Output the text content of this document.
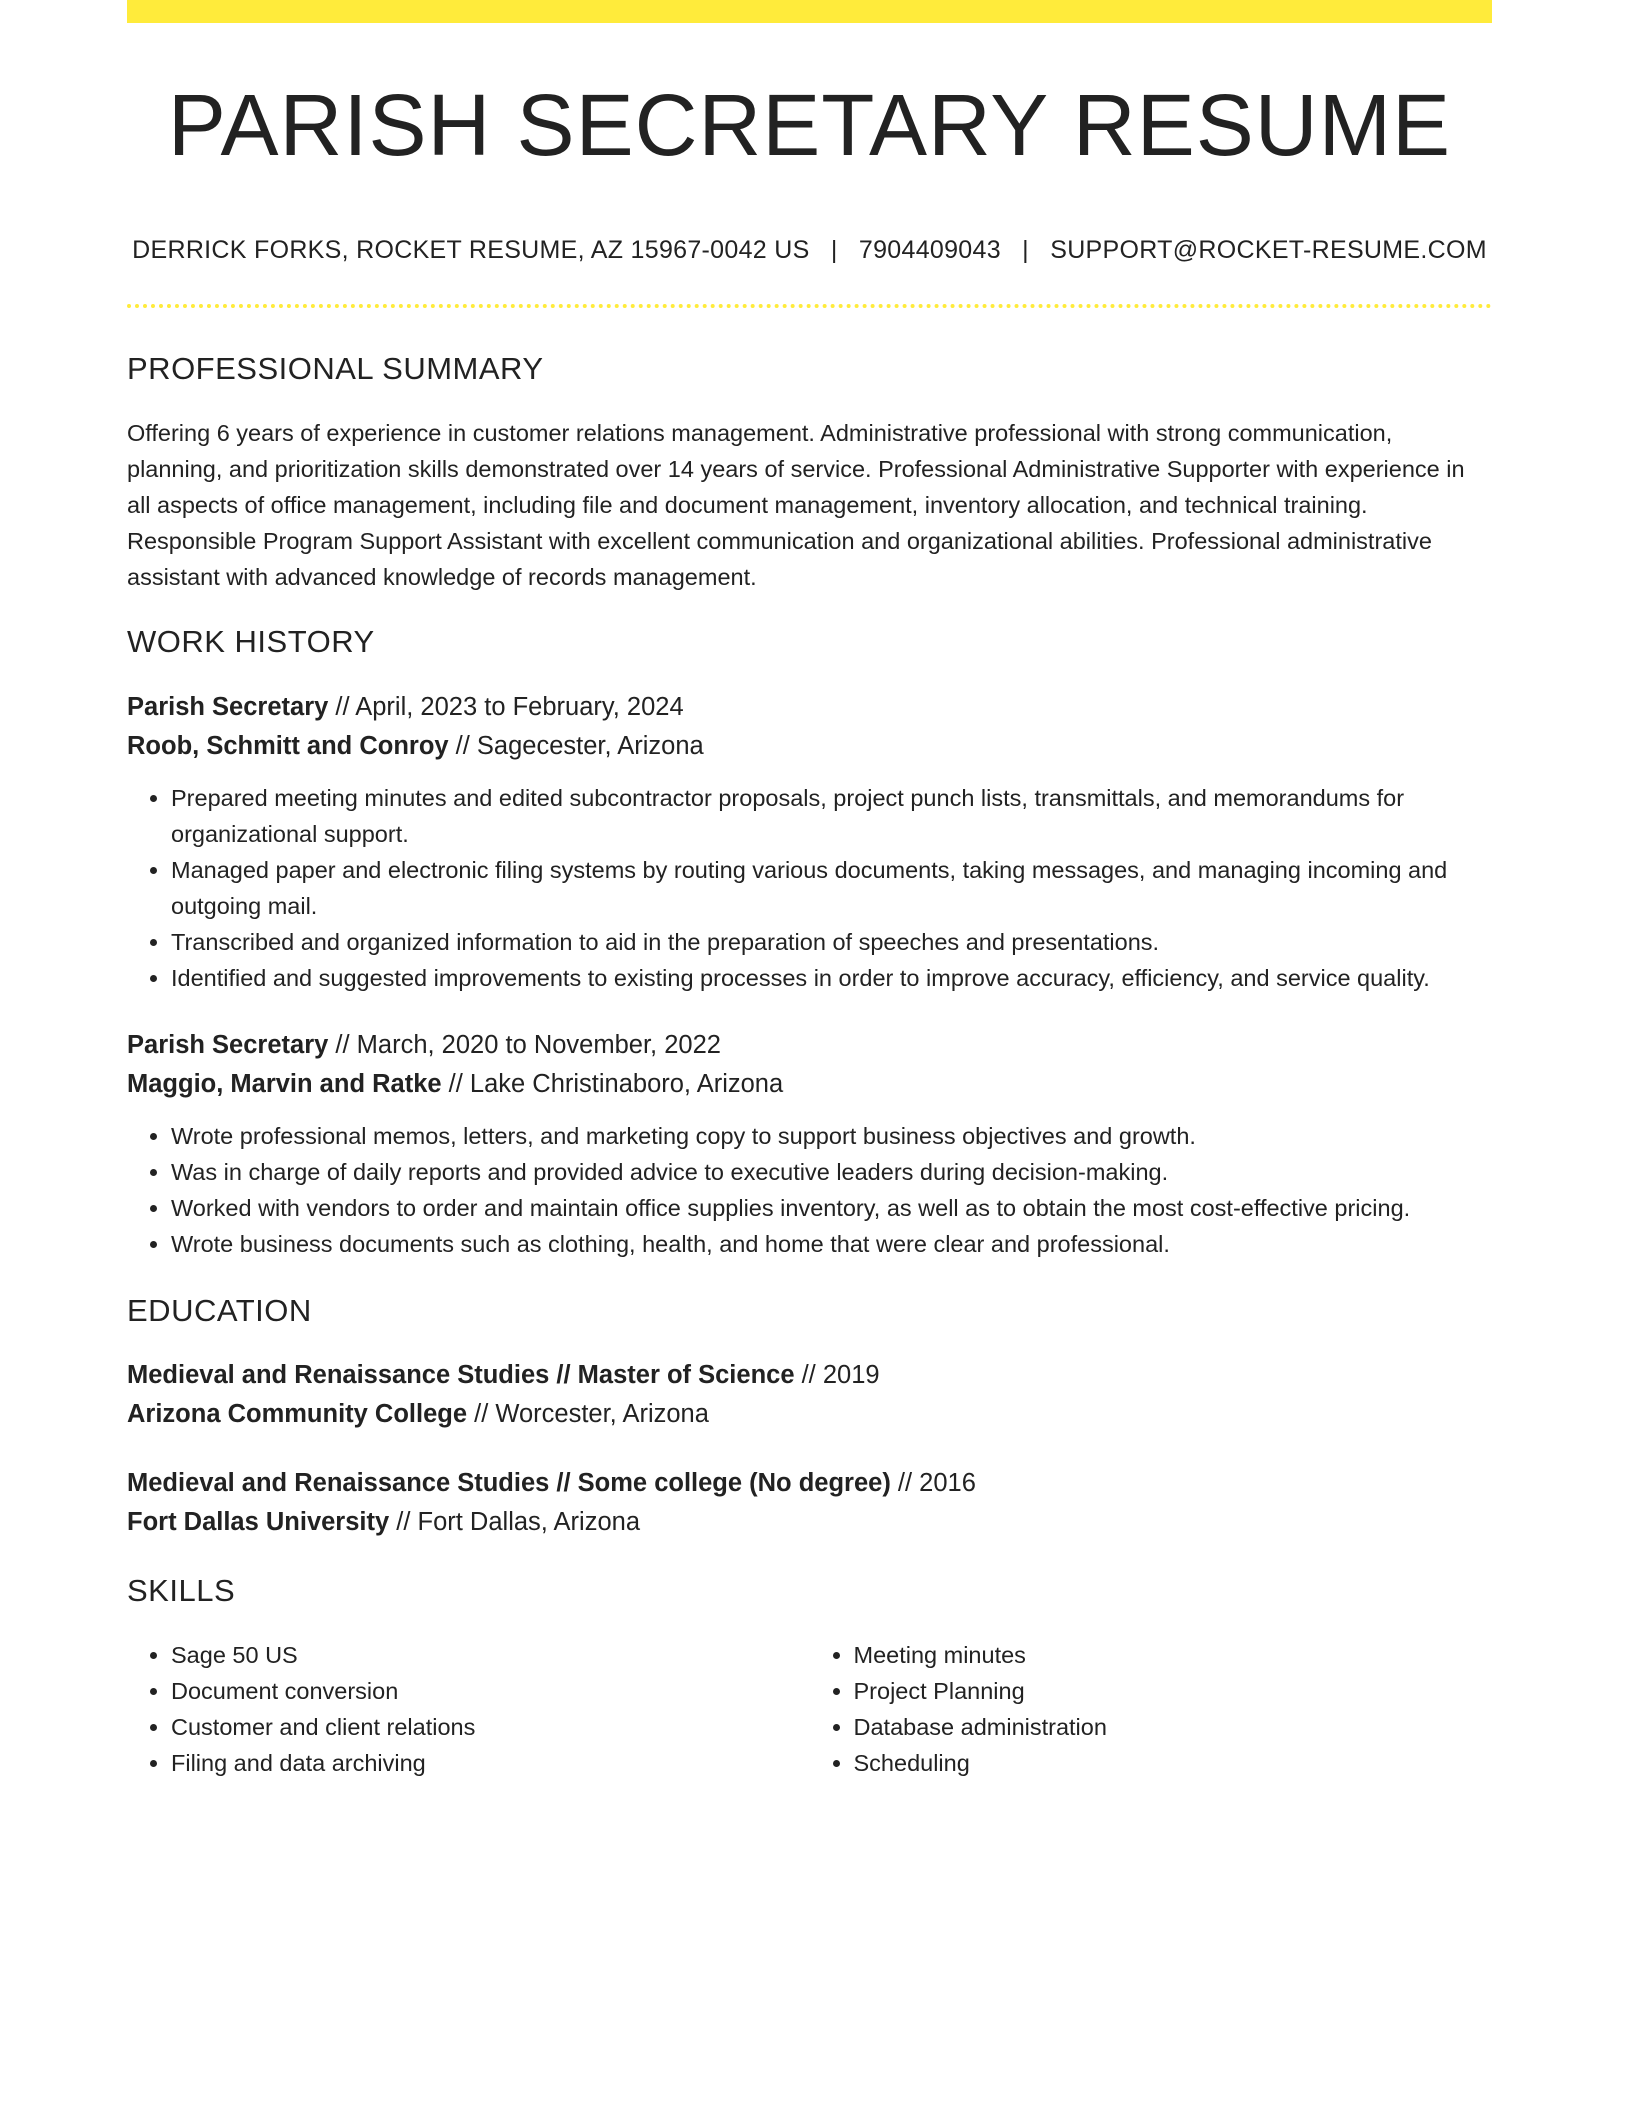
PARISH SECRETARY RESUME
DERRICK FORKS, ROCKET RESUME, AZ 15967-0042 US | 7904409043 | SUPPORT@ROCKET-RESUME.COM
PROFESSIONAL SUMMARY

Offering 6 years of experience in customer relations management. Administrative professional with strong communication, planning, and prioritization skills demonstrated over 14 years of service. Professional Administrative Supporter with experience in all aspects of office management, including file and document management, inventory allocation, and technical training. Responsible Program Support Assistant with excellent communication and organizational abilities. Professional administrative assistant with advanced knowledge of records management.

WORK HISTORY
Parish Secretary // April, 2023 to February, 2024
Roob, Schmitt and Conroy // Sagecester, Arizona
• Prepared meeting minutes and edited subcontractor proposals, project punch lists, transmittals, and memorandums for organizational support.
• Managed paper and electronic filing systems by routing various documents, taking messages, and managing incoming and outgoing mail.
• Transcribed and organized information to aid in the preparation of speeches and presentations.
• Identified and suggested improvements to existing processes in order to improve accuracy, efficiency, and service quality.
Parish Secretary // March, 2020 to November, 2022
Maggio, Marvin and Ratke // Lake Christinaboro, Arizona
• Wrote professional memos, letters, and marketing copy to support business objectives and growth.
• Was in charge of daily reports and provided advice to executive leaders during decision-making.
• Worked with vendors to order and maintain office supplies inventory, as well as to obtain the most cost-effective pricing.
• Wrote business documents such as clothing, health, and home that were clear and professional.
EDUCATION
Medieval and Renaissance Studies // Master of Science // 2019
Arizona Community College // Worcester, Arizona
Medieval and Renaissance Studies // Some college (No degree) // 2016
Fort Dallas University // Fort Dallas, Arizona
SKILLS
• Sage 50 US
• Document conversion
• Customer and client relations
• Filing and data archiving
• Meeting minutes
• Project Planning
• Database administration
• Scheduling
